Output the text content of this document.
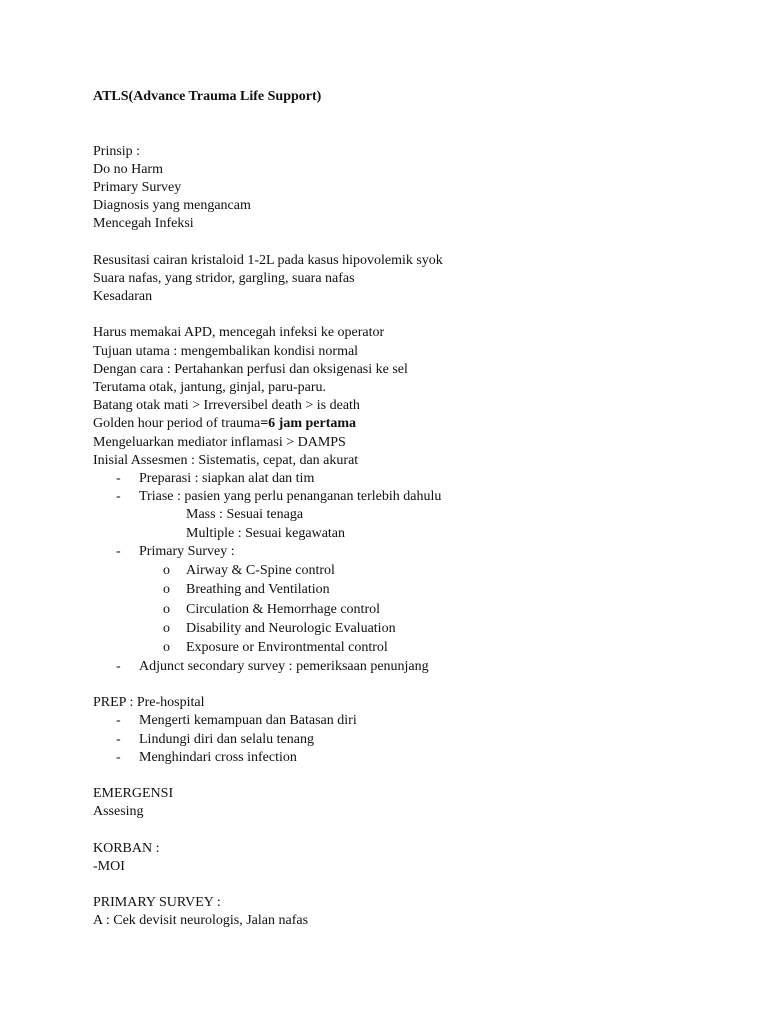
ATLS(Advance Trauma Life Support)
Prinsip :
Do no Harm
Primary Survey
Diagnosis yang mengancam
Mencegah Infeksi
Resusitasi cairan kristaloid 1-2L pada kasus hipovolemik syok
Suara nafas, yang stridor, gargling, suara nafas
Kesadaran
Harus memakai APD, mencegah infeksi ke operator
Tujuan utama : mengembalikan kondisi normal
Dengan cara : Pertahankan perfusi dan oksigenasi ke sel
Terutama otak, jantung, ginjal, paru-paru.
Batang otak mati > Irreversibel death > is death
Golden hour period of trauma=6 jam pertama
Mengeluarkan mediator inflamasi > DAMPS
Inisial Assesmen : Sistematis, cepat, dan akurat
- Preparasi : siapkan alat dan tim
- Triase : pasien yang perlu penanganan terlebih dahulu
Mass : Sesuai tenaga
Multiple : Sesuai kegawatan
- Primary Survey :
o Airway & C-Spine control
o Breathing and Ventilation
o Circulation & Hemorrhage control
o Disability and Neurologic Evaluation
o Exposure or Environtmental control
- Adjunct secondary survey : pemeriksaan penunjang
PREP : Pre-hospital
- Mengerti kemampuan dan Batasan diri
- Lindungi diri dan selalu tenang
- Menghindari cross infection
EMERGENSI
Assesing
KORBAN :
-MOI
PRIMARY SURVEY :
A : Cek devisit neurologis, Jalan nafas
